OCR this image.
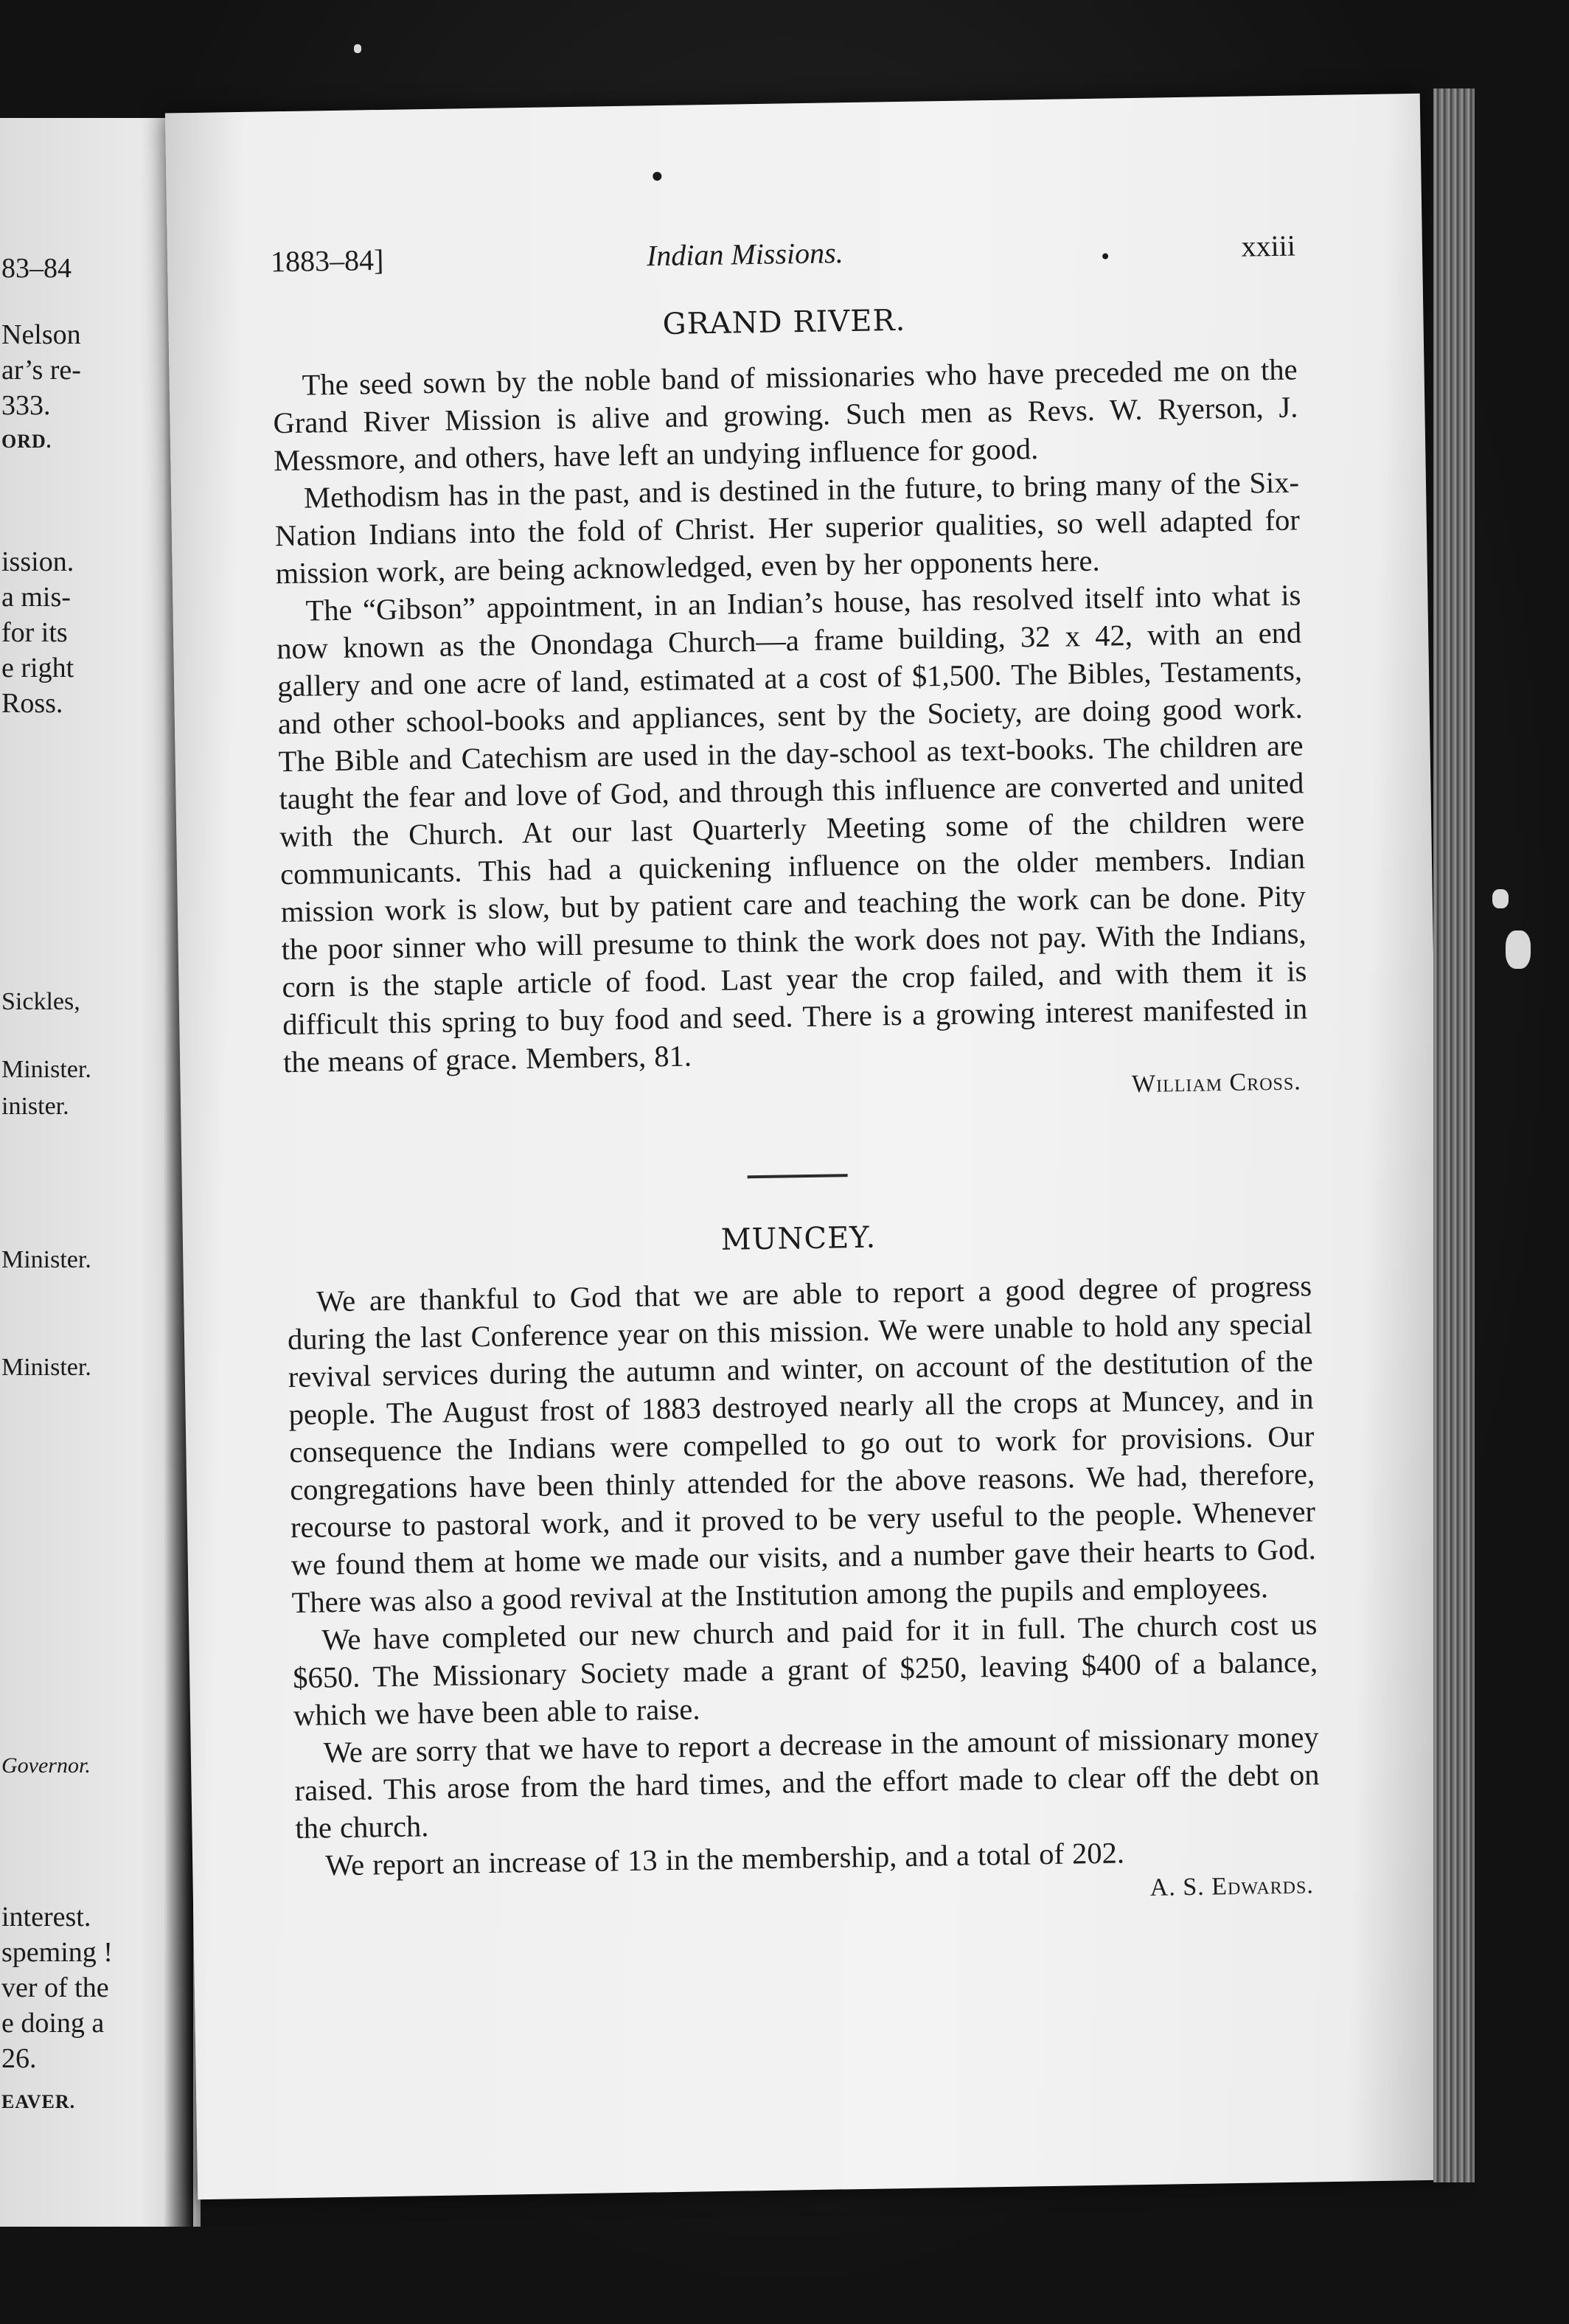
83–84
Nelson
ar’s re-
333.
ORD.
ission.
a mis-
for its
e right
Ross.
Sickles,
Minister.
inister.
Minister.
Minister.
Governor.
interest.
speming !
ver of the
e doing a
26.
EAVER.
1883–84]	Indian Missions.	xxiii
GRAND RIVER.

The seed sown by the noble band of missionaries who have preceded me on the Grand River Mission is alive and growing. Such men as Revs. W. Ryerson, J. Messmore, and others, have left an undying influence for good.

Methodism has in the past, and is destined in the future, to bring many of the Six-Nation Indians into the fold of Christ. Her superior qualities, so well adapted for mission work, are being acknowledged, even by her opponents here.

The “Gibson” appointment, in an Indian’s house, has resolved itself into what is now known as the Onondaga Church—a frame building, 32 x 42, with an end gallery and one acre of land, estimated at a cost of $1,500. The Bibles, Testaments, and other school-books and appliances, sent by the Society, are doing good work. The Bible and Catechism are used in the day-school as text-books. The children are taught the fear and love of God, and through this influence are converted and united with the Church. At our last Quarterly Meeting some of the children were communicants. This had a quickening influence on the older members. Indian mission work is slow, but by patient care and teaching the work can be done. Pity the poor sinner who will presume to think the work does not pay. With the Indians, corn is the staple article of food. Last year the crop failed, and with them it is difficult this spring to buy food and seed. There is a growing interest manifested in the means of grace. Members, 81.

William Cross.
MUNCEY.

We are thankful to God that we are able to report a good degree of progress during the last Conference year on this mission. We were unable to hold any special revival services during the autumn and winter, on account of the destitution of the people. The August frost of 1883 destroyed nearly all the crops at Muncey, and in consequence the Indians were compelled to go out to work for provisions. Our congregations have been thinly attended for the above reasons. We had, therefore, recourse to pastoral work, and it proved to be very useful to the people. Whenever we found them at home we made our visits, and a number gave their hearts to God. There was also a good revival at the Institution among the pupils and employees.

We have completed our new church and paid for it in full. The church cost us $650. The Missionary Society made a grant of $250, leaving $400 of a balance, which we have been able to raise.

We are sorry that we have to report a decrease in the amount of missionary money raised. This arose from the hard times, and the effort made to clear off the debt on the church.

We report an increase of 13 in the membership, and a total of 202.

A. S. Edwards.
